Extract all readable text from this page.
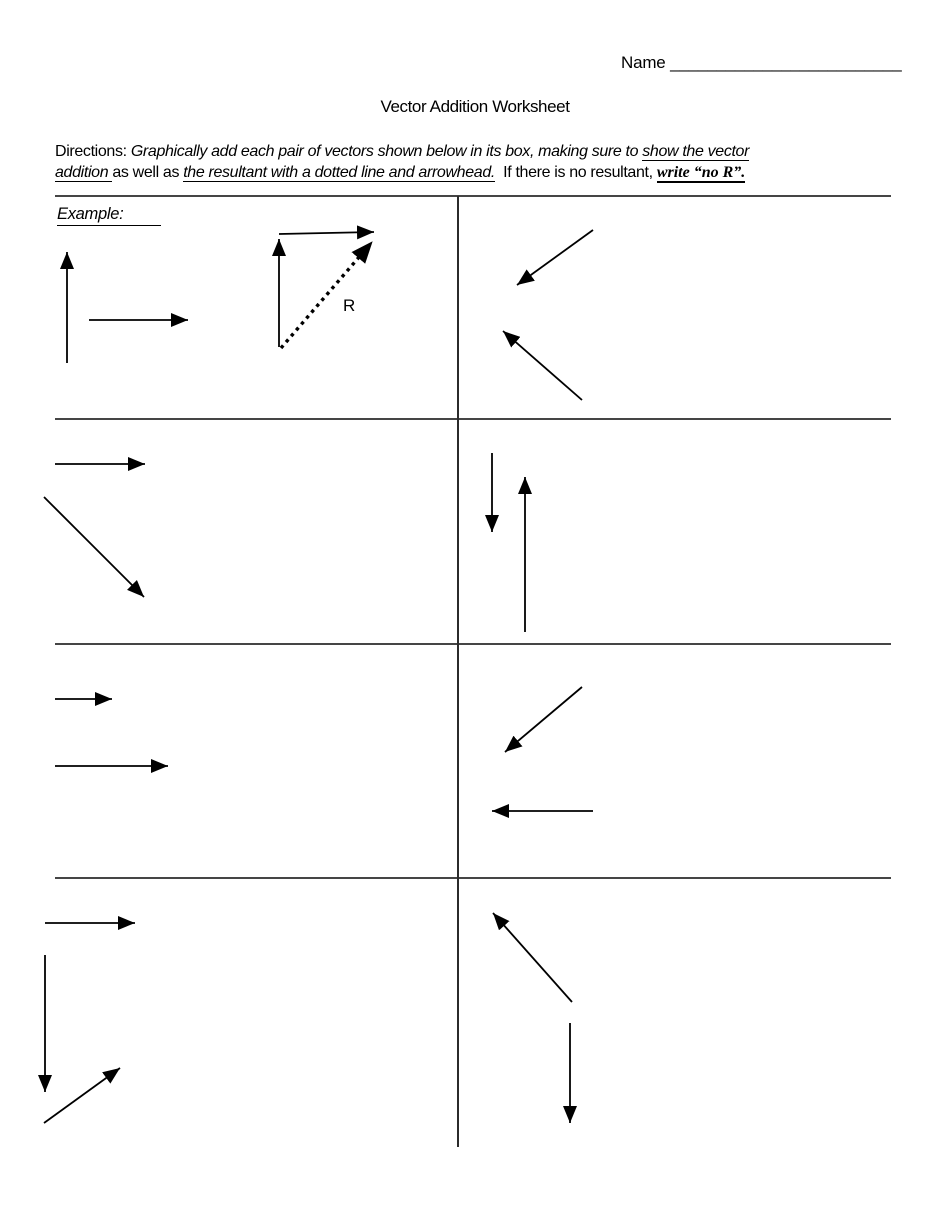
Name _________________________
Vector Addition Worksheet
Directions: Graphically add each pair of vectors shown below in its box, making sure to show the vector
addition as well as the resultant with a dotted line and arrowhead.  If there is no resultant, write “no R”.
Example:
R
